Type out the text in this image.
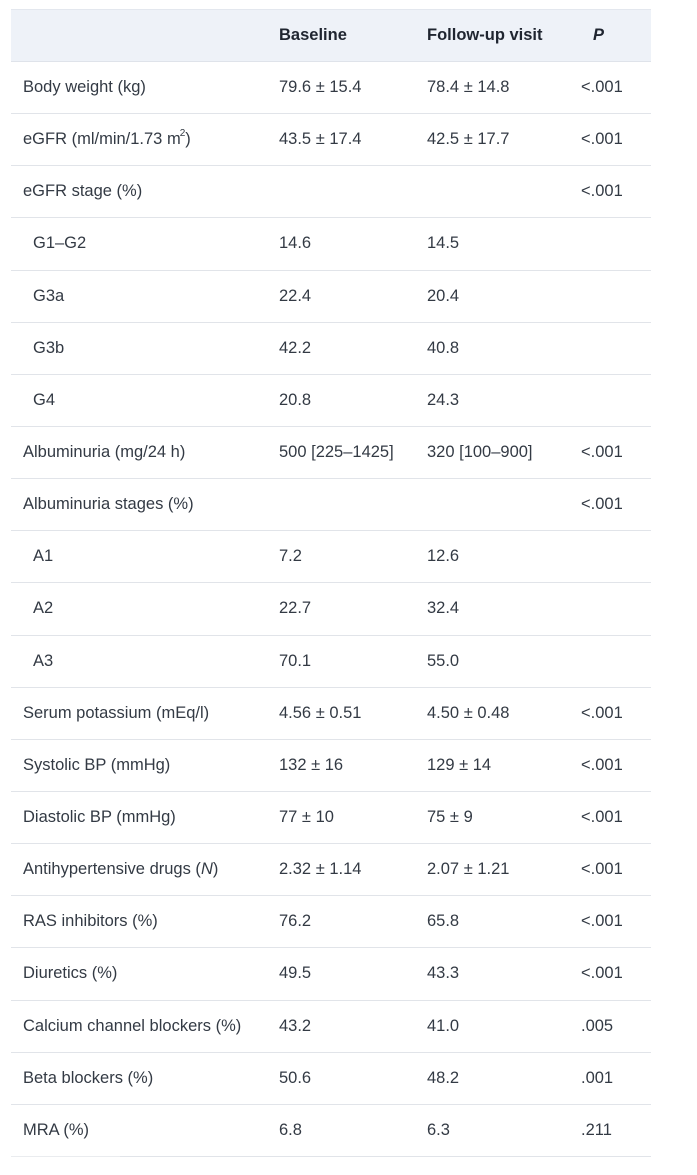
	Baseline	Follow-up visit	P
Body weight (kg)	79.6 ± 15.4	78.4 ± 14.8	<.001
eGFR (ml/min/1.73 $m^2$)	43.5 ± 17.4	42.5 ± 17.7	<.001
eGFR stage (%)			<.001
G1–G2	14.6	14.5	
G3a	22.4	20.4	
G3b	42.2	40.8	
G4	20.8	24.3	
Albuminuria (mg/24 h)	500 [225–1425]	320 [100–900]	<.001
Albuminuria stages (%)			<.001
A1	7.2	12.6	
A2	22.7	32.4	
A3	70.1	55.0	
Serum potassium (mEq/l)	4.56 ± 0.51	4.50 ± 0.48	<.001
Systolic BP (mmHg)	132 ± 16	129 ± 14	<.001
Diastolic BP (mmHg)	77 ± 10	75 ± 9	<.001
Antihypertensive drugs (N)	2.32 ± 1.14	2.07 ± 1.21	<.001
RAS inhibitors (%)	76.2	65.8	<.001
Diuretics (%)	49.5	43.3	<.001
Calcium channel blockers (%)	43.2	41.0	.005
Beta blockers (%)	50.6	48.2	.001
MRA (%)	6.8	6.3	.211
